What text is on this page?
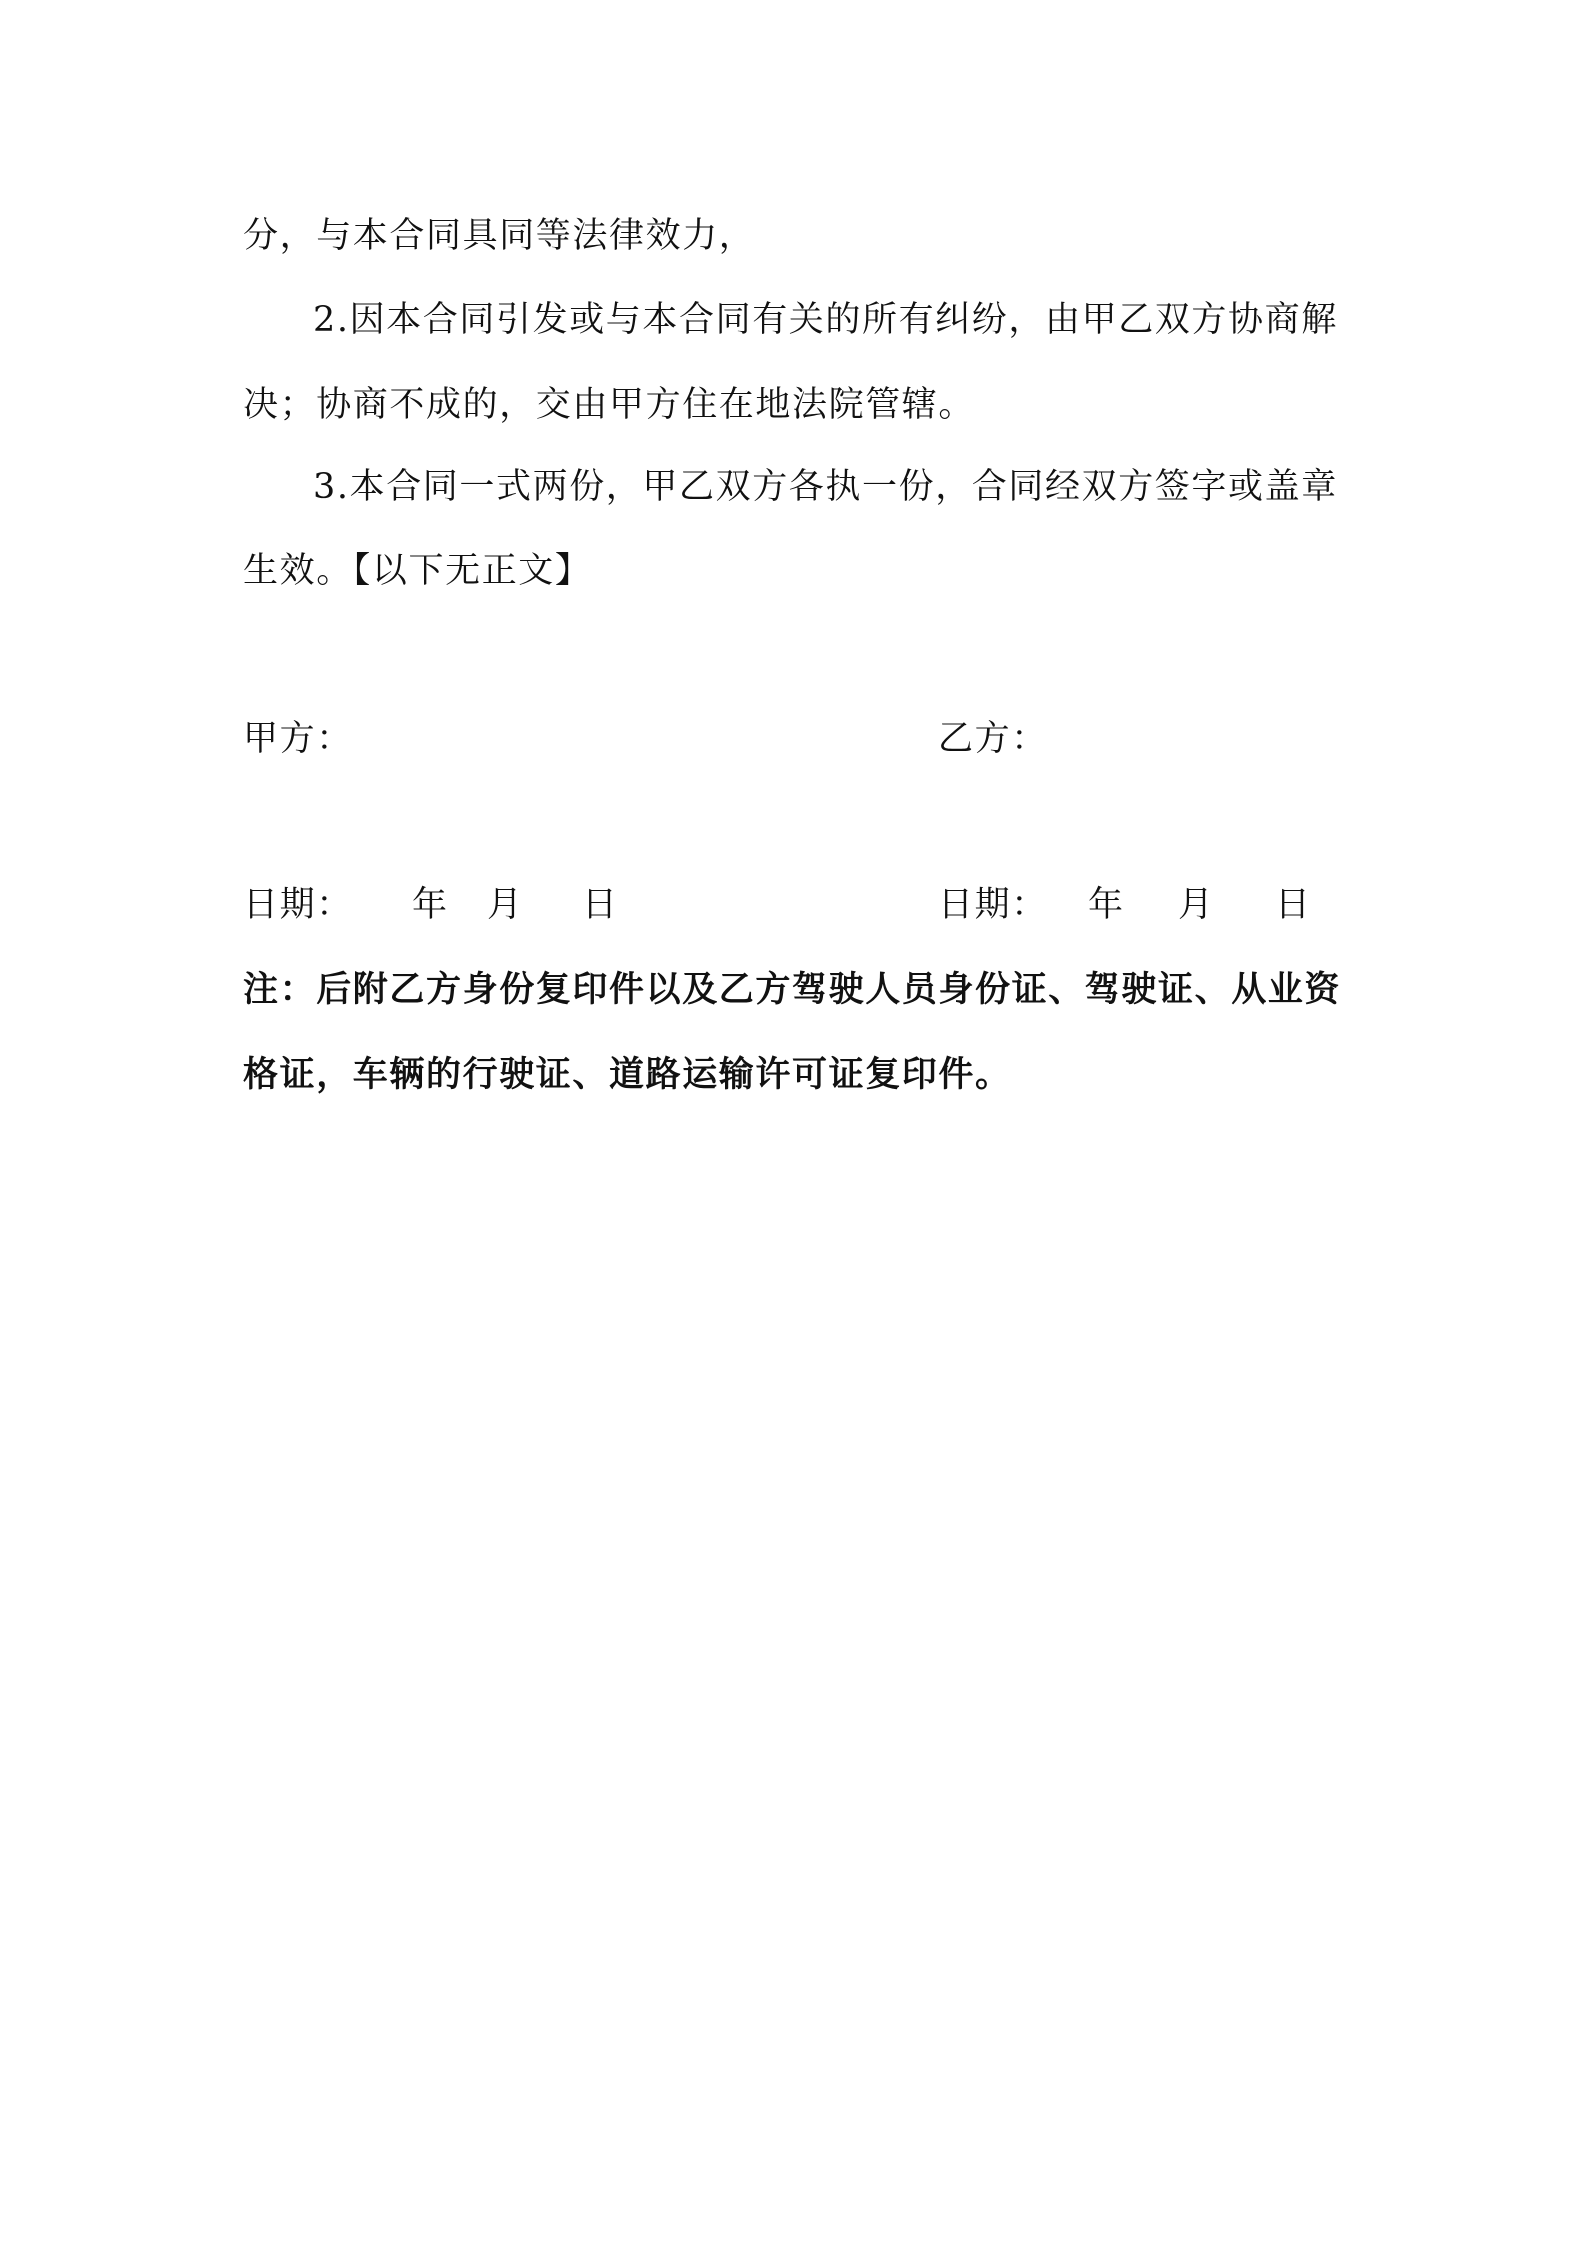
分，与本合同具同等法律效力，
2.因本合同引发或与本合同有关的所有纠纷，由甲乙双方协商解
决；协商不成的，交由甲方住在地法院管辖。
3.本合同一式两份，甲乙双方各执一份，合同经双方签字或盖章
生效。【以下无正文】
甲方：	乙方：
日期： 年 月 日	日期： 年 月 日
注：后附乙方身份复印件以及乙方驾驶人员身份证、驾驶证、从业资
格证，车辆的行驶证、道路运输许可证复印件。
